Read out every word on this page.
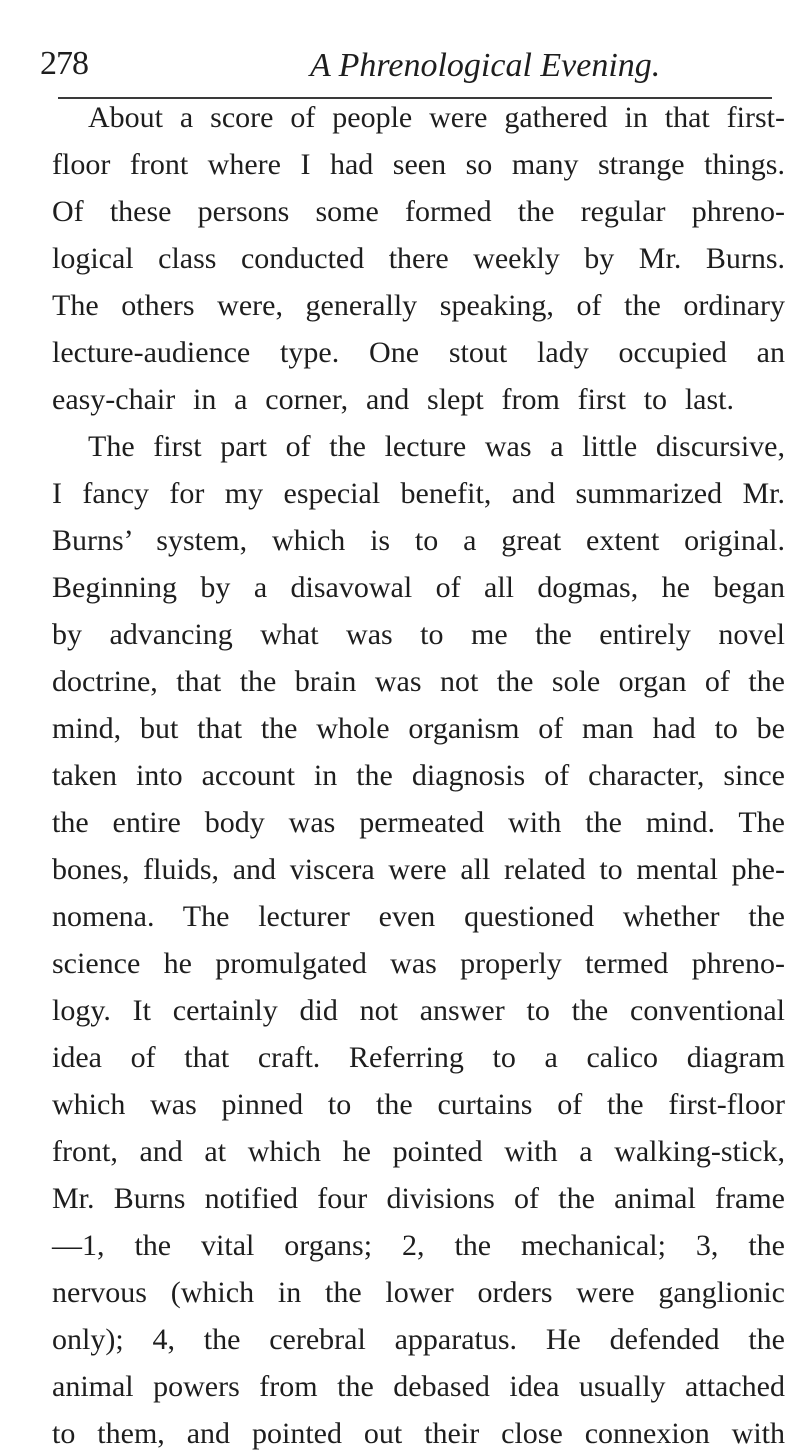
278	A Phrenological Evening.
About a score of people were gathered in that first-
floor front where I had seen so many strange things.
Of these persons some formed the regular phreno-
logical class conducted there weekly by Mr. Burns.
The others were, generally speaking, of the ordinary
lecture-audience type. One stout lady occupied an
easy-chair in a corner, and slept from first to last.
The first part of the lecture was a little discursive,
I fancy for my especial benefit, and summarized Mr.
Burns’ system, which is to a great extent original.
Beginning by a disavowal of all dogmas, he began
by advancing what was to me the entirely novel
doctrine, that the brain was not the sole organ of the
mind, but that the whole organism of man had to be
taken into account in the diagnosis of character, since
the entire body was permeated with the mind. The
bones, fluids, and viscera were all related to mental phe-
nomena. The lecturer even questioned whether the
science he promulgated was properly termed phreno-
logy. It certainly did not answer to the conventional
idea of that craft. Referring to a calico diagram
which was pinned to the curtains of the first-floor
front, and at which he pointed with a walking-stick,
Mr. Burns notified four divisions of the animal frame
—1, the vital organs; 2, the mechanical; 3, the
nervous (which in the lower orders were ganglionic
only); 4, the cerebral apparatus. He defended the
animal powers from the debased idea usually attached
to them, and pointed out their close connexion with
